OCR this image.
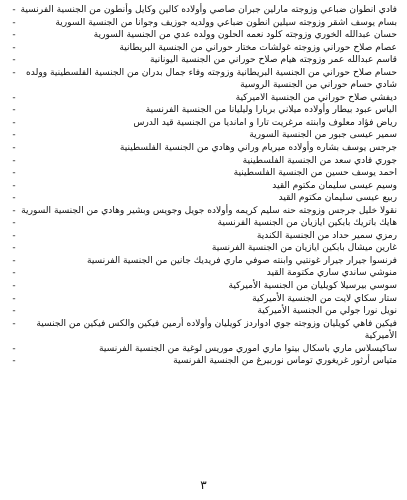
- فادي انطوان ضباعي وزوجته مارلين جبران صاصي وأولاده كالين وكايل وأنطون من الجنسية الفرنسية
-	بسام يوسف اشقر وزوجته سيلين انطون ضباعي وولديه جوزيف وجوانا من الجنسية السورية
-	حسان عبدالله الخوري وزوجته كلود نعمه الحلون وولده عدي من الجنسية السورية
-	عصام صلاح حوراني وزوجته غولشات مختار حوراني من الجنسية البريطانية
-	قاسم عبدالله عمر وزوجته هيام صلاح حوراني من الجنسية اليونانية
-	حسام صلاح حوراني من الجنسية البريطانية وزوجته وفاء جمال بدران من الجنسية الفلسطينية وولده شادي حسام حوراني من الجنسية الروسية
-	ديفشي صلاح حوراني من الجنسية الاميركية
-	الياس عبود بيطار وأولاده ميلاني بربارا وليليانا من الجنسية الفرنسية
-	رياض فؤاد معلوف وابنته مرغريت تارا و امانديا من الجنسية قيد الدرس
-	سمير عيسى جبور من الجنسية السورية
-	جرجس يوسف بشاره وأولاده ميريام وراني وهادي من الجنسية الفلسطينية
-	جوري فادي سعد من الجنسية الفلسطينية
-	احمد يوسف حسين من الجنسية الفلسطينية
-	وسيم عيسى سليمان مكتوم القيد
-	ربيع عيسى سليمان مكتوم القيد
- نقولا خليل جرجس وزوجته حنه سليم كريمه وأولاده جويل وجويس وبشير وهادي من الجنسية السورية
-	هايك باتريك بابكين ايازيان من الجنسية الفرنسية
-	رمزي سمير حداد من الجنسية الكندية
-	غارين ميشال بابكين ايازيان من الجنسية الفرنسية
-	فرنسوا جيرار جيرار غونتيي وابنته صوفي ماري فريديك جانين من الجنسية الفرنسية
-	منوشي ساندي ساري مكتومة القيد
-	سوسي بيرسيلا كويليان من الجنسية الأميركية
-	ستار سكاي لايت من الجنسية الأميركية
-	نويل نورا جولي من الجنسية الأميركية
-	فيكين فاهي كويليان وزوجته جوي ادواردز كويليان وأولاده أرمين فيكين والكس فيكين من الجنسية الأميركية
-	ساكيسلاس ماري باسكال بيتوا ماري اموري موريس لوغية من الجنسية الفرنسية
-	متياس أرثور غريغوري توماس نوربيرغ من الجنسية الفرنسية
٣
